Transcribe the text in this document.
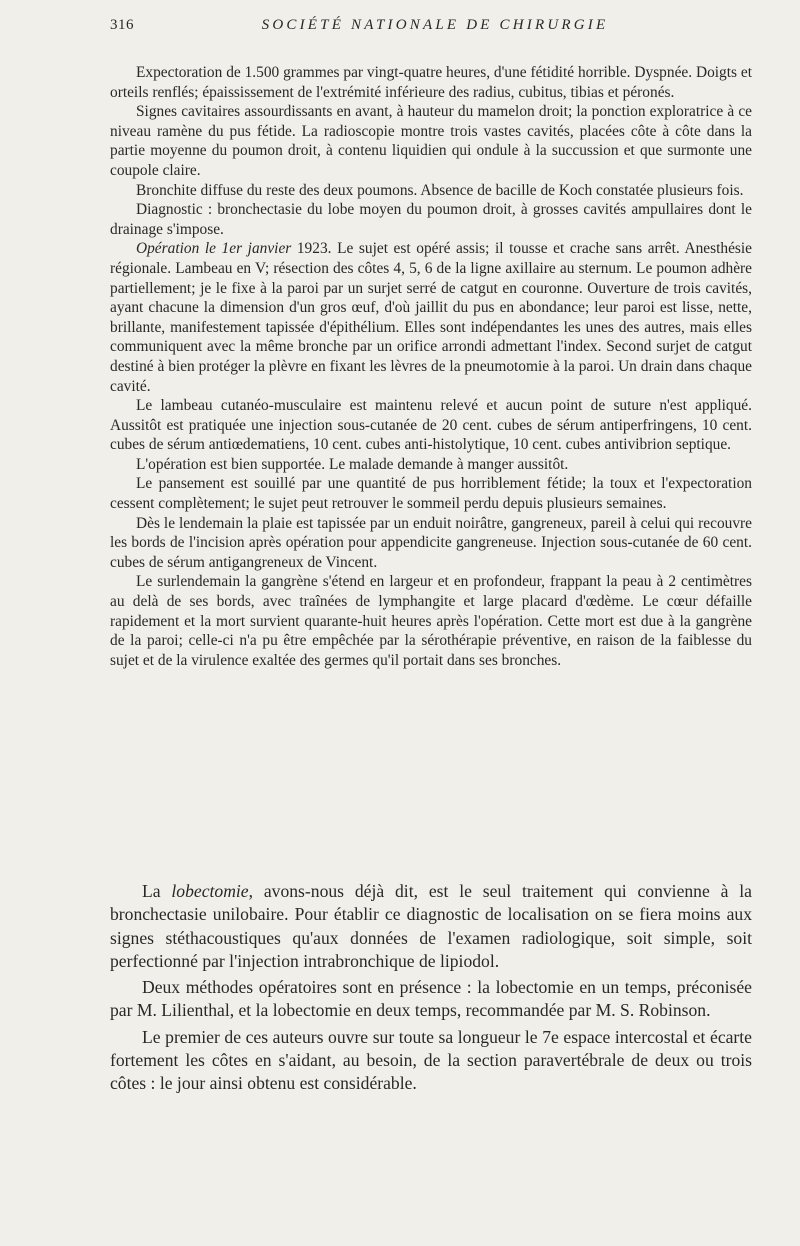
316	SOCIÉTÉ NATIONALE DE CHIRURGIE

Expectoration de 1.500 grammes par vingt-quatre heures, d'une fétidité horrible. Dyspnée. Doigts et orteils renflés; épaississement de l'extrémité inférieure des radius, cubitus, tibias et péronés.

Signes cavitaires assourdissants en avant, à hauteur du mamelon droit; la ponction exploratrice à ce niveau ramène du pus fétide. La radioscopie montre trois vastes cavités, placées côte à côte dans la partie moyenne du poumon droit, à contenu liquidien qui ondule à la succussion et que surmonte une coupole claire.

Bronchite diffuse du reste des deux poumons. Absence de bacille de Koch constatée plusieurs fois.

Diagnostic : bronchectasie du lobe moyen du poumon droit, à grosses cavités ampullaires dont le drainage s'impose.

Opération le 1er janvier 1923. Le sujet est opéré assis; il tousse et crache sans arrêt. Anesthésie régionale. Lambeau en V; résection des côtes 4, 5, 6 de la ligne axillaire au sternum. Le poumon adhère partiellement; je le fixe à la paroi par un surjet serré de catgut en couronne. Ouverture de trois cavités, ayant chacune la dimension d'un gros œuf, d'où jaillit du pus en abondance; leur paroi est lisse, nette, brillante, manifestement tapissée d'épithélium. Elles sont indépendantes les unes des autres, mais elles communiquent avec la même bronche par un orifice arrondi admettant l'index. Second surjet de catgut destiné à bien protéger la plèvre en fixant les lèvres de la pneumotomie à la paroi. Un drain dans chaque cavité.

Le lambeau cutanéo-musculaire est maintenu relevé et aucun point de suture n'est appliqué. Aussitôt est pratiquée une injection sous-cutanée de 20 cent. cubes de sérum antiperfringens, 10 cent. cubes de sérum antiœdematiens, 10 cent. cubes anti-histolytique, 10 cent. cubes antivibrion septique.

L'opération est bien supportée. Le malade demande à manger aussitôt.

Le pansement est souillé par une quantité de pus horriblement fétide; la toux et l'expectoration cessent complètement; le sujet peut retrouver le sommeil perdu depuis plusieurs semaines.

Dès le lendemain la plaie est tapissée par un enduit noirâtre, gangreneux, pareil à celui qui recouvre les bords de l'incision après opération pour appendicite gangreneuse. Injection sous-cutanée de 60 cent. cubes de sérum antigangreneux de Vincent.

Le surlendemain la gangrène s'étend en largeur et en profondeur, frappant la peau à 2 centimètres au delà de ses bords, avec traînées de lymphangite et large placard d'œdème. Le cœur défaille rapidement et la mort survient quarante-huit heures après l'opération. Cette mort est due à la gangrène de la paroi; celle-ci n'a pu être empêchée par la sérothérapie préventive, en raison de la faiblesse du sujet et de la virulence exaltée des germes qu'il portait dans ses bronches.

La lobectomie, avons-nous déjà dit, est le seul traitement qui convienne à la bronchectasie unilobaire. Pour établir ce diagnostic de localisation on se fiera moins aux signes stéthacoustiques qu'aux données de l'examen radiologique, soit simple, soit perfectionné par l'injection intrabronchique de lipiodol.

Deux méthodes opératoires sont en présence : la lobectomie en un temps, préconisée par M. Lilienthal, et la lobectomie en deux temps, recommandée par M. S. Robinson.

Le premier de ces auteurs ouvre sur toute sa longueur le 7e espace intercostal et écarte fortement les côtes en s'aidant, au besoin, de la section paravertébrale de deux ou trois côtes : le jour ainsi obtenu est considérable.
